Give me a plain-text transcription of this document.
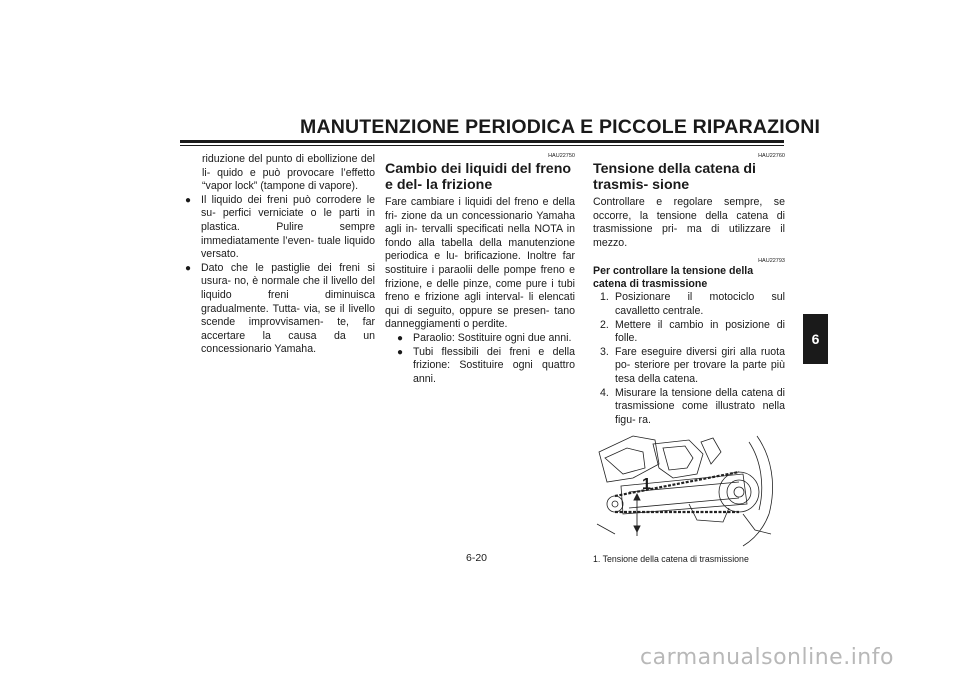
MANUTENZIONE PERIODICA E PICCOLE RIPARAZIONI
6

riduzione del punto di ebollizione del li- quido e può provocare l’effetto “vapor lock” (tampone di vapore).

● Il liquido dei freni può corrodere le su- perfici verniciate o le parti in plastica. Pulire sempre immediatamente l’even- tuale liquido versato.
● Dato che le pastiglie dei freni si usura- no, è normale che il livello del liquido freni diminuisca gradualmente. Tutta- via, se il livello scende improvvisamen- te, far accertare la causa da un concessionario Yamaha.
HAU22750
Cambio dei liquidi del freno e del- la frizione

Fare cambiare i liquidi del freno e della fri- zione da un concessionario Yamaha agli in- tervalli specificati nella NOTA in fondo alla tabella della manutenzione periodica e lu- brificazione. Inoltre far sostituire i paraolii delle pompe freno e frizione, e delle pinze, come pure i tubi freno e frizione agli interval- li elencati qui di seguito, oppure se presen- tano danneggiamenti o perdite.

● Paraolio: Sostituire ogni due anni.
● Tubi flessibili dei freni e della frizione: Sostituire ogni quattro anni.
HAU22760
Tensione della catena di trasmis- sione

Controllare e regolare sempre, se occorre, la tensione della catena di trasmissione pri- ma di utilizzare il mezzo.

HAU22793
Per controllare la tensione della catena di trasmissione
1. Posizionare il motociclo sul cavalletto centrale.
2. Mettere il cambio in posizione di folle.
3. Fare eseguire diversi giri alla ruota po- steriore per trovare la parte più tesa della catena.
4. Misurare la tensione della catena di trasmissione come illustrato nella figu- ra.
1
1. Tensione della catena di trasmissione
6-20
carmanualsonline.info
